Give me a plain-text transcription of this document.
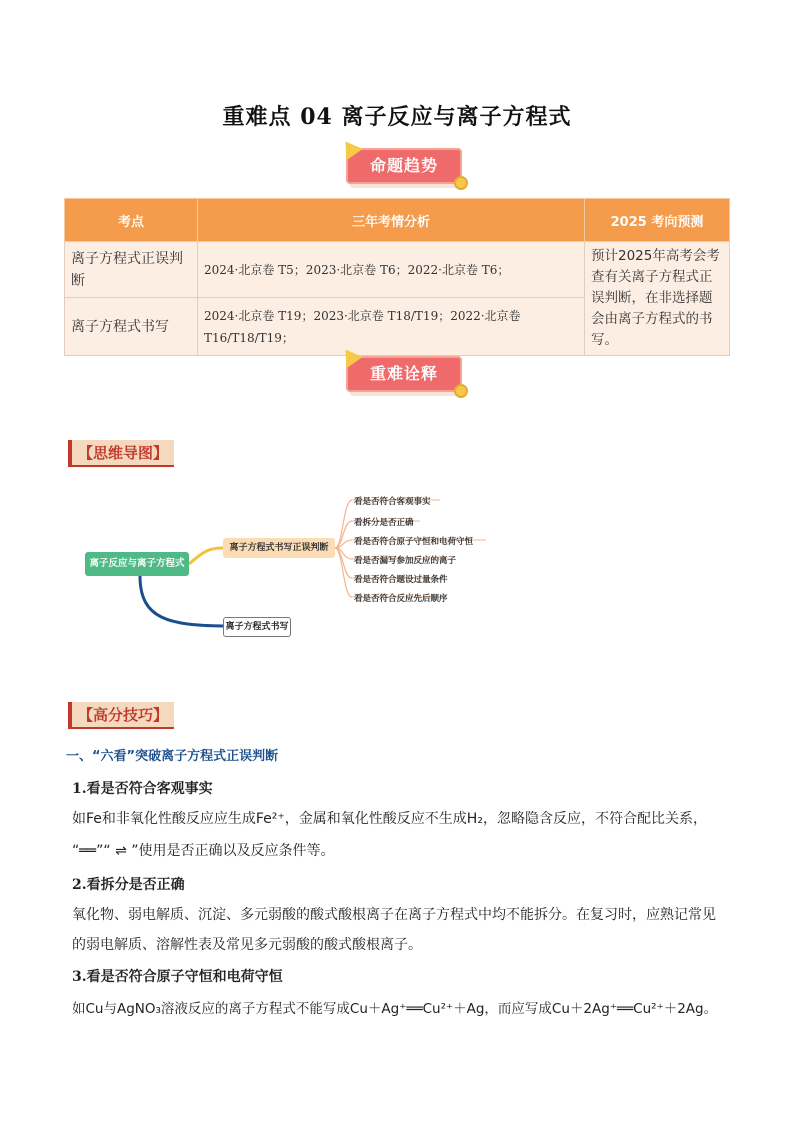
重难点 04 离子反应与离子方程式
命题趋势
考点	三年考情分析	2025 考向预测
离子方程式正误判断	2024·北京卷 T5；2023·北京卷 T6；2022·北京卷 T6；	预计2025年高考会考查有关离子方程式正误判断，在非选择题会由离子方程式的书写。
离子方程式书写	2024·北京卷 T19；2023·北京卷 T18/T19；2022·北京卷 T16/T18/T19；	
重难诠释
【思维导图】
离子反应与离子方程式
离子方程式书写正误判断
离子方程式书写
看是否符合客观事实
看拆分是否正确
看是否符合原子守恒和电荷守恒
看是否漏写参加反应的离子
看是否符合题设过量条件
看是否符合反应先后顺序
【高分技巧】
一、“六看”突破离子方程式正误判断
1.看是否符合客观事实
如Fe和非氧化性酸反应应生成Fe²⁺，金属和氧化性酸反应不生成H₂，忽略隐含反应，不符合配比关系，
“══”“ ⇌ ”使用是否正确以及反应条件等。
2.看拆分是否正确
氧化物、弱电解质、沉淀、多元弱酸的酸式酸根离子在离子方程式中均不能拆分。在复习时，应熟记常见
的弱电解质、溶解性表及常见多元弱酸的酸式酸根离子。
3.看是否符合原子守恒和电荷守恒
如Cu与AgNO₃溶液反应的离子方程式不能写成Cu＋Ag⁺══Cu²⁺＋Ag，而应写成Cu＋2Ag⁺══Cu²⁺＋2Ag。
